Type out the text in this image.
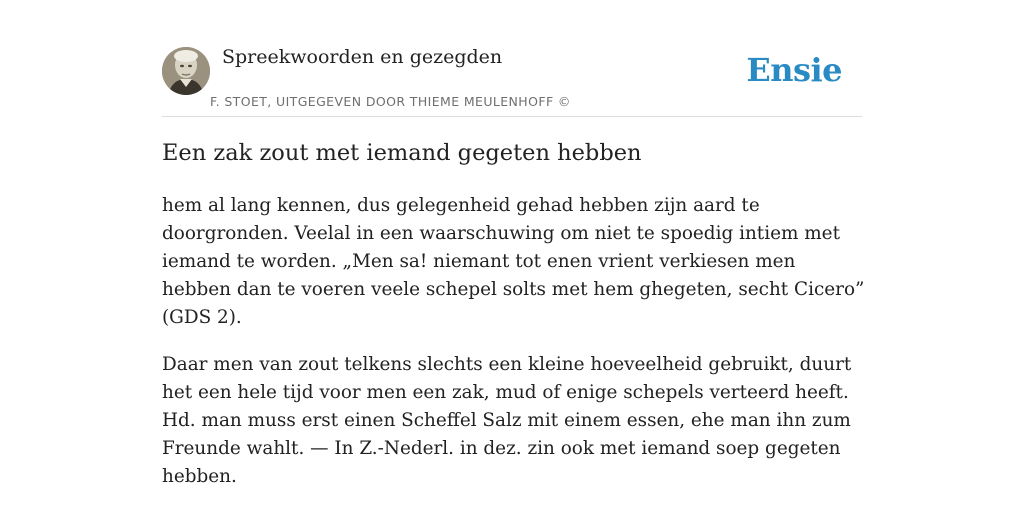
Spreekwoorden en gezegden
F. STOET, UITGEGEVEN DOOR THIEME MEULENHOFF ©
Ensie
Een zak zout met iemand gegeten hebben

hem al lang kennen, dus gelegenheid gehad hebben zijn aard te doorgronden. Veelal in een waarschuwing om niet te spoedig intiem met iemand te worden. „Men sa! niemant tot enen vrient verkiesen men hebben dan te voeren veele schepel solts met hem ghegeten, secht Cicero” (GDS 2).

Daar men van zout telkens slechts een kleine hoeveelheid gebruikt, duurt het een hele tijd voor men een zak, mud of enige schepels verteerd heeft. Hd. man muss erst einen Scheffel Salz mit einem essen, ehe man ihn zum Freunde wahlt. — In Z.-Nederl. in dez. zin ook met iemand soep gegeten hebben.
